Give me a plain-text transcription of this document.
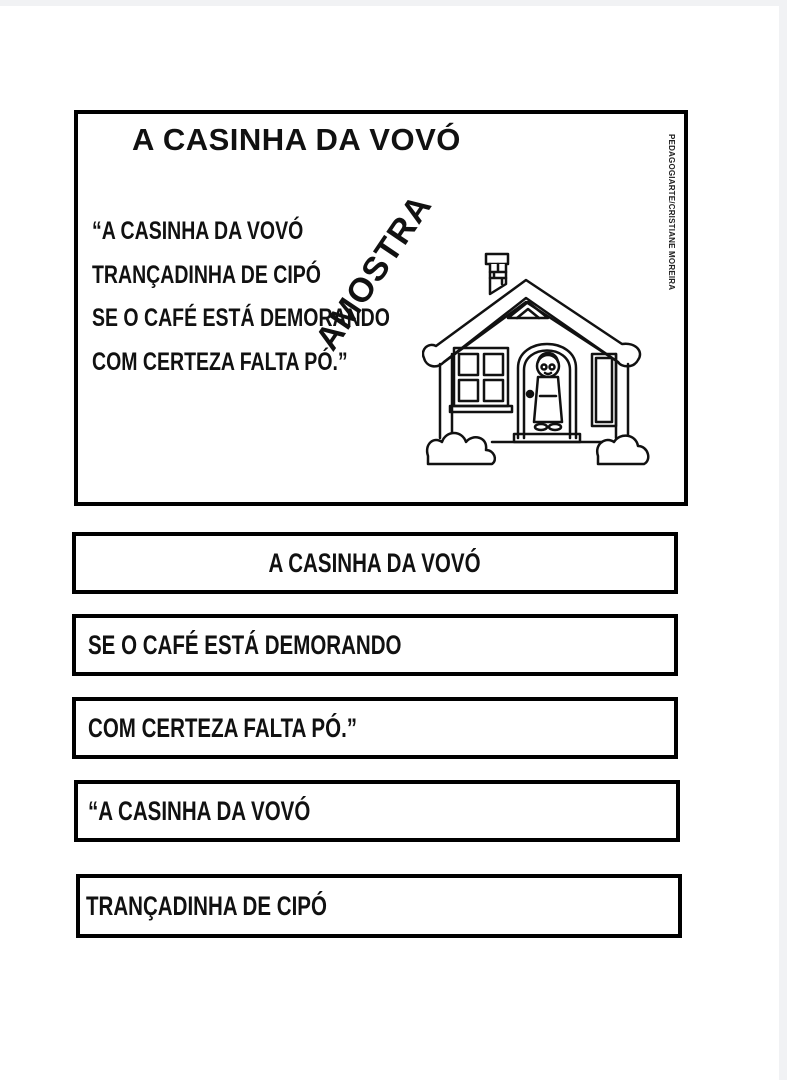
A CASINHA DA VOVÓ
“A CASINHA DA VOVÓ
TRANÇADINHA DE CIPÓ
SE O CAFÉ ESTÁ DEMORANDO
COM CERTEZA FALTA PÓ.”
PEDAGOGIARTE/CRISTIANE MOREIRA
AMOSTRA
A CASINHA DA VOVÓ
SE O CAFÉ ESTÁ DEMORANDO
COM CERTEZA FALTA PÓ.”
“A CASINHA DA VOVÓ
TRANÇADINHA DE CIPÓ
